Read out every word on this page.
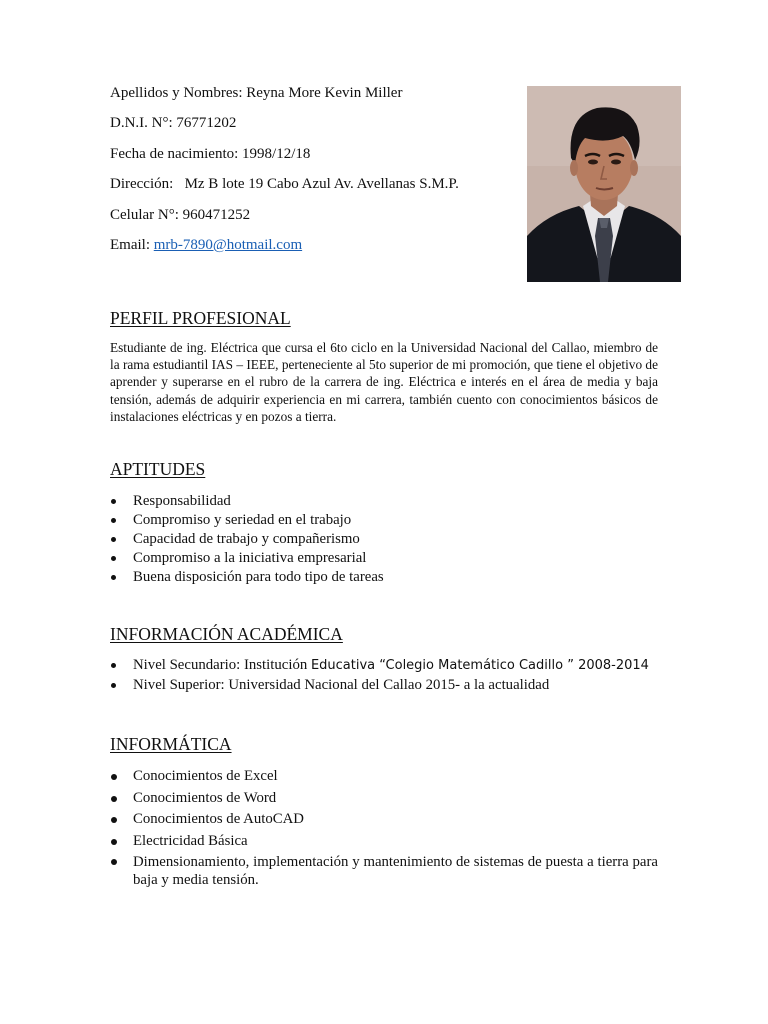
Apellidos y Nombres: Reyna More Kevin Miller
D.N.I. N°: 76771202
Fecha de nacimiento: 1998/12/18
Dirección: Mz B lote 19 Cabo Azul Av. Avellanas S.M.P.
Celular N°: 960471252
Email: mrb-7890@hotmail.com
PERFIL PROFESIONAL

Estudiante de ing. Eléctrica que cursa el 6to ciclo en la Universidad Nacional del Callao, miembro de la rama estudiantil IAS – IEEE, perteneciente al 5to superior de mi promoción, que tiene el objetivo de aprender y superarse en el rubro de la carrera de ing. Eléctrica e interés en el área de media y baja tensión, además de adquirir experiencia en mi carrera, también cuento con conocimientos básicos de instalaciones eléctricas y en pozos a tierra.

APTITUDES
Responsabilidad
Compromiso y seriedad en el trabajo
Capacidad de trabajo y compañerismo
Compromiso a la iniciativa empresarial
Buena disposición para todo tipo de tareas
INFORMACIÓN ACADÉMICA
Nivel Secundario: Institución Educativa “Colegio Matemático Cadillo ” 2008-2014
Nivel Superior: Universidad Nacional del Callao 2015- a la actualidad
INFORMÁTICA
Conocimientos de Excel
Conocimientos de Word
Conocimientos de AutoCAD
Electricidad Básica
Dimensionamiento, implementación y mantenimiento de sistemas de puesta a tierra para baja y media tensión.
